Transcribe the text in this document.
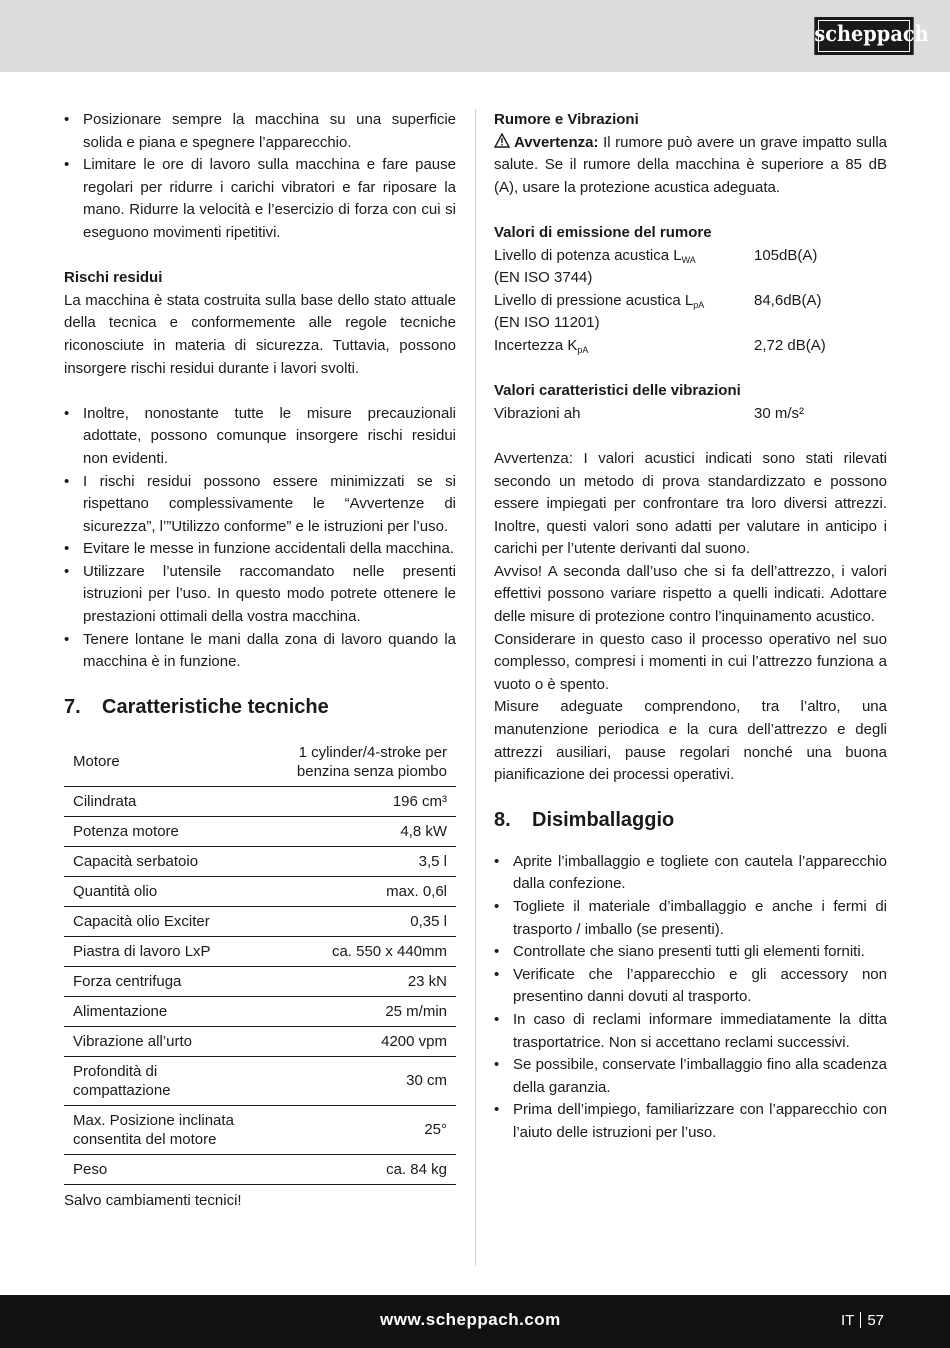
scheppach
• Posizionare sempre la macchina su una superficie solida e piana e spegnere l’apparecchio.
• Limitare le ore di lavoro sulla macchina e fare pause regolari per ridurre i carichi vibratori e far riposare la mano. Ridurre la velocità e l’esercizio di forza con cui si eseguono movimenti ripetitivi.

Rischi residui

La macchina è stata costruita sulla base dello stato attuale della tecnica e conformemente alle regole tecniche riconosciute in materia di sicurezza. Tuttavia, possono insorgere rischi residui durante i lavori svolti.

• Inoltre, nonostante tutte le misure precauzionali adottate, possono comunque insorgere rischi residui non evidenti.
• I rischi residui possono essere minimizzati se si rispettano complessivamente le “Avvertenze di sicurezza”, l’”Utilizzo conforme” e le istruzioni per l’uso.
• Evitare le messe in funzione accidentali della macchina.
• Utilizzare l’utensile raccomandato nelle presenti istruzioni per l’uso. In questo modo potrete ottenere le prestazioni ottimali della vostra macchina.
• Tenere lontane le mani dalla zona di lavoro quando la macchina è in funzione.
7.	Caratteristiche tecniche
Motore	1 cylinder/4-stroke per benzina senza piombo
Cilindrata	196 cm³
Potenza motore	4,8 kW
Capacità serbatoio	3,5 l
Quantità olio	max. 0,6l
Capacità olio Exciter	0,35 l
Piastra di lavoro LxP	ca. 550 x 440mm
Forza centrifuga	23 kN
Alimentazione	25 m/min
Vibrazione all’urto	4200 vpm
Profondità di compattazione	30 cm
Max. Posizione inclinata consentita del motore	25°
Peso	ca. 84 kg

Salvo cambiamenti tecnici!

Rumore e Vibrazioni

Avvertenza: Il rumore può avere un grave impatto sulla salute. Se il rumore della macchina è superiore a 85 dB (A), usare la protezione acustica adeguata.

Valori di emissione del rumore

Livello di potenza acustica $L_{WA}$	105dB(A)

(EN ISO 3744)

Livello di pressione acustica $L_{pA}$	84,6dB(A)

(EN ISO 11201)

Incertezza $K_{pA}$	2,72 dB(A)

Valori caratteristici delle vibrazioni

Vibrazioni ah	30 m/s²

Avvertenza: I valori acustici indicati sono stati rilevati secondo un metodo di prova standardizzato e possono essere impiegati per confrontare tra loro diversi attrezzi. Inoltre, questi valori sono adatti per valutare in anticipo i carichi per l’utente derivanti dal suono.

Avviso! A seconda dall’uso che si fa dell’attrezzo, i valori effettivi possono variare rispetto a quelli indicati. Adottare delle misure di protezione contro l’inquinamento acustico.

Considerare in questo caso il processo operativo nel suo complesso, compresi i momenti in cui l’attrezzo funziona a vuoto o è spento.

Misure adeguate comprendono, tra l’altro, una manutenzione periodica e la cura dell’attrezzo e degli attrezzi ausiliari, pause regolari nonché una buona pianificazione dei processi operativi.

8.	Disimballaggio
• Aprite l’imballaggio e togliete con cautela l’apparecchio dalla confezione.
• Togliete il materiale d’imballaggio e anche i fermi di trasporto / imballo (se presenti).
• Controllate che siano presenti tutti gli elementi forniti.
• Verificate che l’apparecchio e gli accessory non presentino danni dovuti al trasporto.
• In caso di reclami informare immediatamente la ditta trasportatrice. Non si accettano reclami successivi.
• Se possibile, conservate l’imballaggio fino alla scadenza della garanzia.
• Prima dell’impiego, familiarizzare con l’apparecchio con l’aiuto delle istruzioni per l’uso.
www.scheppach.com	IT 57
